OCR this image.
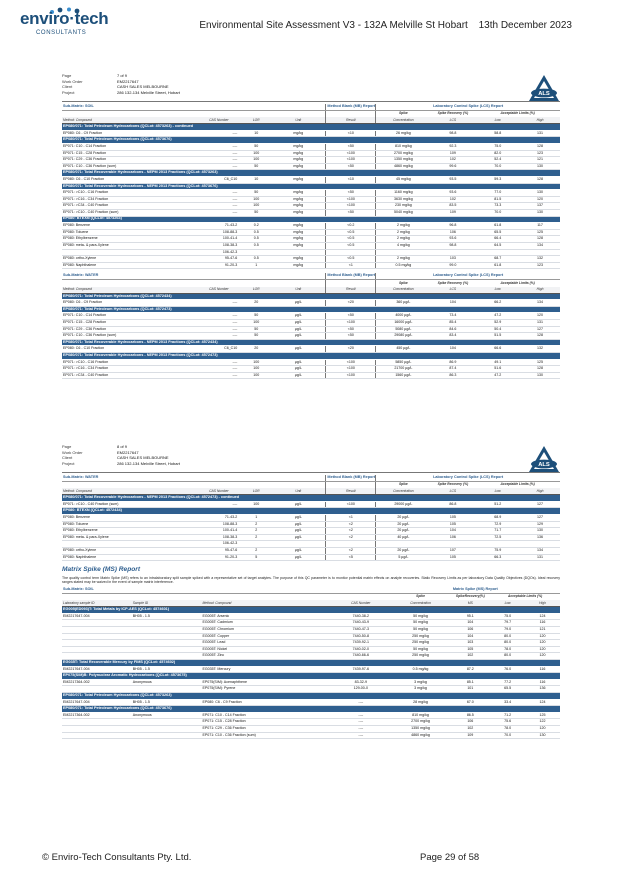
enviro·tech
CONSULTANTS
Environmental Site Assessment V3 - 132A Melville St Hobart 13th December 2023
Page	7 of 9
Work Order	EM2217647
Client	CASH SALES MELBOURNE
Project	286 132-134 Melville Street, Hobart	ALS
Sub-Matrix: SOIL				Method Blank (MB) Report	Laboratory Control Spike (LCS) Report			
					Spike	Spike Recovery (%)	Acceptable Limits (%)	
Method: Compound	CAS Number	LOR	Unit	Result	Concentration	LCS	Low	High
EP080/071: Total Petroleum Hydrocarbons (QCLot: 4573263) - continued								
EP080: C6 - C9 Fraction	----	10	mg/kg	<10	26 mg/kg	98.8	58.8	131
EP080/071: Total Petroleum Hydrocarbons (QCLot: 4573676)								
EP071: C10 - C14 Fraction	----	50	mg/kg	<50	810 mg/kg	92.3	75.0	128
EP071: C15 - C28 Fraction	----	100	mg/kg	<100	2700 mg/kg	109	82.0	123
EP071: C29 - C36 Fraction	----	100	mg/kg	<100	1350 mg/kg	102	52.4	121
EP071: C10 - C36 Fraction (sum)	----	50	mg/kg	<50	4860 mg/kg	99.6	70.0	130
EP080/071: Total Recoverable Hydrocarbons - NEPM 2013 Fractions (QCLot: 4573263)								
EP080: C6 - C10 Fraction	C6_C10	10	mg/kg	<10	45 mg/kg	93.5	59.3	128
EP080/071: Total Recoverable Hydrocarbons - NEPM 2013 Fractions (QCLot: 4573676)								
EP071: >C10 - C16 Fraction	----	50	mg/kg	<50	1160 mg/kg	93.6	77.0	130
EP071: >C16 - C34 Fraction	----	100	mg/kg	<100	3630 mg/kg	102	81.5	120
EP071: >C34 - C40 Fraction	----	100	mg/kg	<100	230 mg/kg	83.5	73.3	137
EP071: >C10 - C40 Fraction (sum)	----	50	mg/kg	<50	5040 mg/kg	109	70.0	130
EP080: BTEXN (QCLot: 4573263)								
EP080: Benzene	71-43-2	0.2	mg/kg	<0.2	2 mg/kg	96.8	61.8	117
EP080: Toluene	108-88-3	0.5	mg/kg	<0.5	2 mg/kg	106	65.5	125
EP080: Ethylbenzene	100-41-4	0.5	mg/kg	<0.5	2 mg/kg	93.6	66.4	128
EP080: meta- & para-Xylene	108-38-3	0.5	mg/kg	<0.5	4 mg/kg	98.8	64.5	134
	106-42-3							
EP080: ortho-Xylene	95-47-6	0.5	mg/kg	<0.5	2 mg/kg	103	68.7	132
EP080: Naphthalene	91-20-3	1	mg/kg	<1	0.5 mg/kg	99.0	61.8	123
Sub-Matrix: WATER				Method Blank (MB) Report	Laboratory Control Spike (LCS) Report			
					Spike	Spike Recovery (%)	Acceptable Limits (%)	
Method: Compound	CAS Number	LOR	Unit	Result	Concentration	LCS	Low	High
EP080/071: Total Petroleum Hydrocarbons (QCLot: 4572434)								
EP080: C6 - C9 Fraction	----	20	µg/L	<20	360 µg/L	104	66.2	134
EP080/071: Total Petroleum Hydrocarbons (QCLot: 4572473)								
EP071: C10 - C14 Fraction	----	50	µg/L	<50	4000 µg/L	73.4	47.2	120
EP071: C15 - C28 Fraction	----	100	µg/L	<100	16000 µg/L	85.4	52.9	131
EP071: C29 - C36 Fraction	----	50	µg/L	<50	5080 µg/L	84.6	50.4	127
EP071: C10 - C36 Fraction (sum)	----	50	µg/L	<50	29080 µg/L	83.4	51.5	128
EP080/071: Total Recoverable Hydrocarbons - NEPM 2013 Fractions (QCLot: 4572434)								
EP080: C6 - C10 Fraction	C6_C10	20	µg/L	<20	450 µg/L	104	66.6	132
EP080/071: Total Recoverable Hydrocarbons - NEPM 2013 Fractions (QCLot: 4572473)								
EP071: >C10 - C16 Fraction	----	100	µg/L	<100	5850 µg/L	86.9	49.1	125
EP071: >C16 - C34 Fraction	----	100	µg/L	<100	21700 µg/L	87.4	51.6	128
EP071: >C34 - C40 Fraction	----	100	µg/L	<100	1560 µg/L	86.3	47.2	130
Page	8 of 9
Work Order	EM2217647
Client	CASH SALES MELBOURNE
Project	286 132-134 Melville Street, Hobart	ALS
Sub-Matrix: WATER				Method Blank (MB) Report	Laboratory Control Spike (LCS) Report			
					Spike	Spike Recovery (%)	Acceptable Limits (%)	
Method: Compound	CAS Number	LOR	Unit	Result	Concentration	LCS	Low	High
EP080/071: Total Recoverable Hydrocarbons - NEPM 2013 Fractions (QCLot: 4572473) - continued								
EP071: >C10 - C40 Fraction (sum)	----	100	µg/L	<100	29000 µg/L	86.8	51.2	127
EP080: BTEXN (QCLot: 4572434)								
EP080: Benzene	71-43-2	1	µg/L	<1	20 µg/L	105	68.9	127
EP080: Toluene	108-88-3	2	µg/L	<2	20 µg/L	105	72.9	129
EP080: Ethylbenzene	100-41-4	2	µg/L	<2	20 µg/L	104	71.7	130
EP080: meta- & para-Xylene	108-38-3	2	µg/L	<2	40 µg/L	106	72.5	136
	106-42-3							
EP080: ortho-Xylene	95-47-6	2	µg/L	<2	20 µg/L	107	75.9	134
EP080: Naphthalene	91-20-3	5	µg/L	<5	5 µg/L	105	66.3	131
Matrix Spike (MS) Report
The quality control term Matrix Spike (MS) refers to an intralaboratory split sample spiked with a representative set of target analytes. The purpose of this QC parameter is to monitor potential matrix effects on analyte recoveries. Static Recovery Limits as per laboratory Data Quality Objectives (DQOs). Ideal recovery ranges stated may be waived in the event of sample matrix interference.
Sub-Matrix: SOIL				Matrix Spike (MS) Report			
				Spike	SpikeRecovery(%)	Acceptable Limits (%)	
Laboratory sample ID	Sample ID	Method: Compound	CAS Number	Concentration	MS	Low	High
EG005(ED093)T: Total Metals by ICP-AES (QCLot: 4574601)							
EM2217647-004	BH05 - 1.5	EG005T: Arsenic	7440-38-2	50 mg/kg	95.1	75.0	124
		EG005T: Cadmium	7440-43-9	50 mg/kg	104	79.7	116
		EG005T: Chromium	7440-47-3	50 mg/kg	106	79.0	121
		EG005T: Copper	7440-50-8	250 mg/kg	104	80.0	120
		EG005T: Lead	7439-92-1	250 mg/kg	103	80.0	120
		EG005T: Nickel	7440-02-0	50 mg/kg	105	78.0	120
		EG005T: Zinc	7440-66-6	250 mg/kg	102	80.0	120
EG035T: Total Recoverable Mercury by FIMS (QCLot: 4574602)							
EM2217647-004	BH05 - 1.5	EG035T: Mercury	7439-97-6	0.5 mg/kg	87.2	76.0	116
EP075(SIM)B: Polynuclear Aromatic Hydrocarbons (QCLot: 4573675)							
EM2217364-002	Anonymous	EP075(SIM): Acenaphthene	83-32-9	3 mg/kg	85.1	77.2	116
		EP075(SIM): Pyrene	129-00-0	3 mg/kg	101	65.5	136
EP080/071: Total Petroleum Hydrocarbons (QCLot: 4573263)							
EM2217647-004	BH05 - 1.5	EP080: C6 - C9 Fraction	----	28 mg/kg	67.0	33.4	124
EP080/071: Total Petroleum Hydrocarbons (QCLot: 4573676)							
EM2217364-002	Anonymous	EP071: C10 - C14 Fraction	----	810 mg/kg	86.5	71.2	125
		EP071: C15 - C28 Fraction	----	2700 mg/kg	106	75.6	122
		EP071: C29 - C36 Fraction	----	1350 mg/kg	102	78.0	120
		EP071: C10 - C36 Fraction (sum)	----	4860 mg/kg	109	70.0	130
© Enviro-Tech Consultants Pty. Ltd.	Page 29 of 58
